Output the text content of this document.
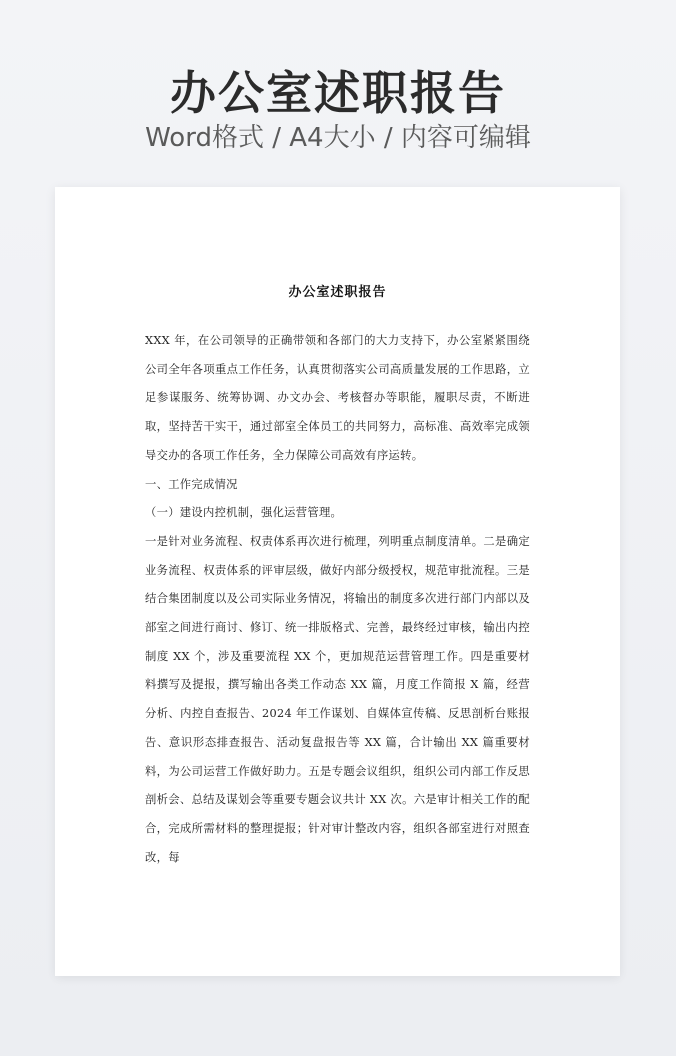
办公室述职报告
Word格式 / A4大小 / 内容可编辑
办公室述职报告

XXX 年，在公司领导的正确带领和各部门的大力支持下，办公室紧紧围绕公司全年各项重点工作任务，认真贯彻落实公司高质量发展的工作思路，立足参谋服务、统筹协调、办文办会、考核督办等职能，履职尽责，不断进取，坚持苦干实干，通过部室全体员工的共同努力，高标准、高效率完成领导交办的各项工作任务，全力保障公司高效有序运转。

一、工作完成情况

（一）建设内控机制，强化运营管理。

一是针对业务流程、权责体系再次进行梳理，列明重点制度清单。二是确定业务流程、权责体系的评审层级，做好内部分级授权，规范审批流程。三是结合集团制度以及公司实际业务情况，将输出的制度多次进行部门内部以及部室之间进行商讨、修订、统一排版格式、完善，最终经过审核，输出内控制度 XX 个，涉及重要流程 XX 个，更加规范运营管理工作。四是重要材料撰写及提报，撰写输出各类工作动态 XX 篇，月度工作简报 X 篇，经营分析、内控自查报告、2024 年工作谋划、自媒体宣传稿、反思剖析台账报告、意识形态排查报告、活动复盘报告等 XX 篇，合计输出 XX 篇重要材料，为公司运营工作做好助力。五是专题会议组织，组织公司内部工作反思剖析会、总结及谋划会等重要专题会议共计 XX 次。六是审计相关工作的配合，完成所需材料的整理提报；针对审计整改内容，组织各部室进行对照查改，每
